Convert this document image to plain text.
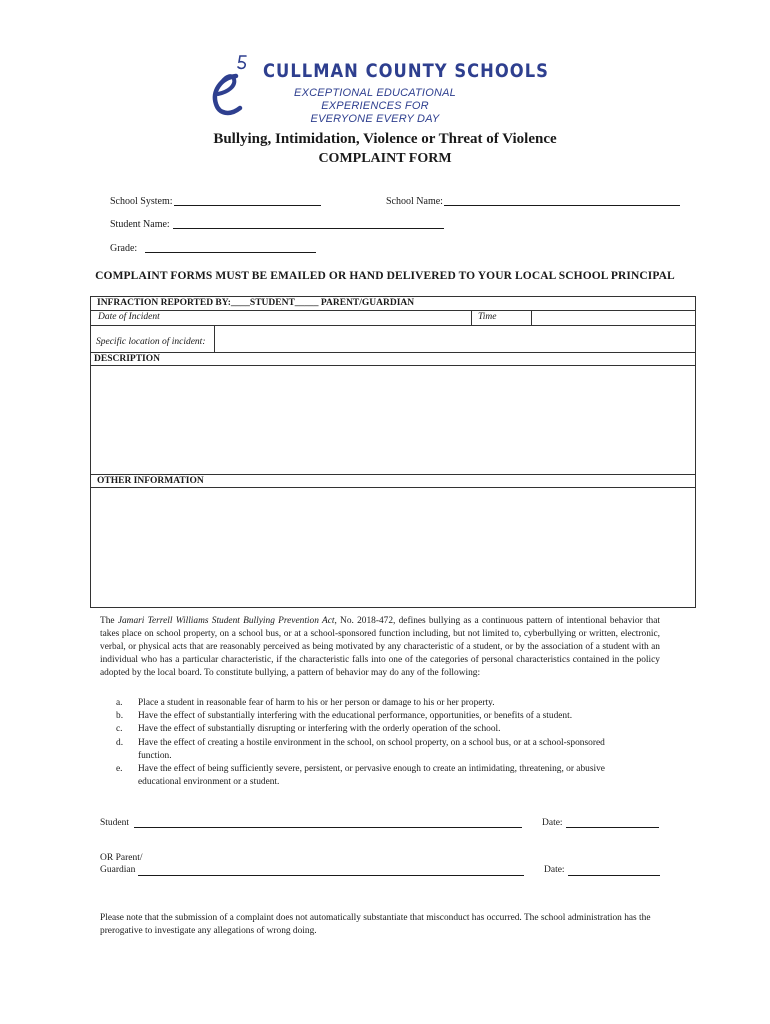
CULLMAN COUNTY SCHOOLS
EXCEPTIONAL EDUCATIONAL EXPERIENCES FOR
EVERYONE EVERY DAY
Bullying, Intimidation, Violence or Threat of Violence
COMPLAINT FORM
School System:	School Name:
Student Name:
Grade:
COMPLAINT FORMS MUST BE EMAILED OR HAND DELIVERED TO YOUR LOCAL SCHOOL PRINCIPAL
INFRACTION REPORTED BY:____STUDENT_____ PARENT/GUARDIAN
Date of Incident	Time
Specific location of incident:
DESCRIPTION
OTHER INFORMATION
The Jamari Terrell Williams Student Bullying Prevention Act, No. 2018-472, defines bullying as a continuous pattern of intentional behavior that takes place on school property, on a school bus, or at a school-sponsored function including, but not limited to, cyberbullying or written, electronic, verbal, or physical acts that are reasonably perceived as being motivated by any characteristic of a student, or by the association of a student with an individual who has a particular characteristic, if the characteristic falls into one of the categories of personal characteristics contained in the policy adopted by the local board. To constitute bullying, a pattern of behavior may do any of the following:
a. Place a student in reasonable fear of harm to his or her person or damage to his or her property.
b. Have the effect of substantially interfering with the educational performance, opportunities, or benefits of a student.
c. Have the effect of substantially disrupting or interfering with the orderly operation of the school.
d. Have the effect of creating a hostile environment in the school, on school property, on a school bus, or at a school-sponsored function.
e. Have the effect of being sufficiently severe, persistent, or pervasive enough to create an intimidating, threatening, or abusive educational environment or a student.
Student	Date:
OR Parent/
Guardian	Date:
Please note that the submission of a complaint does not automatically substantiate that misconduct has occurred. The school administration has the prerogative to investigate any allegations of wrong doing.
